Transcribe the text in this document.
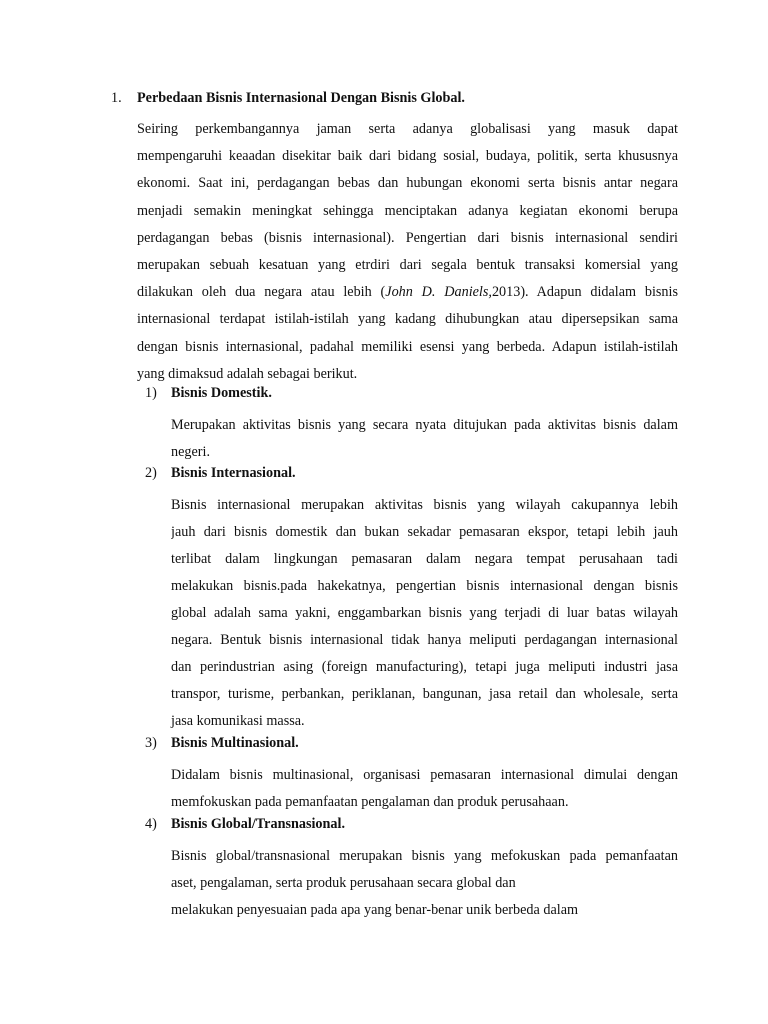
1. Perbedaan Bisnis Internasional Dengan Bisnis Global.
Seiring perkembangannya jaman serta adanya globalisasi yang masuk dapat
mempengaruhi keaadan disekitar baik dari bidang sosial, budaya, politik, serta khususnya
ekonomi. Saat ini, perdagangan bebas dan hubungan ekonomi serta bisnis antar negara
menjadi semakin meningkat sehingga menciptakan adanya kegiatan ekonomi berupa
perdagangan bebas (bisnis internasional). Pengertian dari bisnis internasional sendiri
merupakan sebuah kesatuan yang etrdiri dari segala bentuk transaksi komersial yang
dilakukan oleh dua negara atau lebih (John D. Daniels,2013). Adapun didalam bisnis
internasional terdapat istilah-istilah yang kadang dihubungkan atau dipersepsikan sama
dengan bisnis internasional, padahal memiliki esensi yang berbeda. Adapun istilah-istilah
yang dimaksud adalah sebagai berikut.
1) Bisnis Domestik.
Merupakan aktivitas bisnis yang secara nyata ditujukan pada aktivitas bisnis dalam
negeri.
2) Bisnis Internasional.
Bisnis internasional merupakan aktivitas bisnis yang wilayah cakupannya lebih
jauh dari bisnis domestik dan bukan sekadar pemasaran ekspor, tetapi lebih jauh
terlibat dalam lingkungan pemasaran dalam negara tempat perusahaan tadi
melakukan bisnis.pada hakekatnya, pengertian bisnis internasional dengan bisnis
global adalah sama yakni, enggambarkan bisnis yang terjadi di luar batas wilayah
negara. Bentuk bisnis internasional tidak hanya meliputi perdagangan internasional
dan perindustrian asing (foreign manufacturing), tetapi juga meliputi industri jasa
transpor, turisme, perbankan, periklanan, bangunan, jasa retail dan wholesale, serta
jasa komunikasi massa.
3) Bisnis Multinasional.
Didalam bisnis multinasional, organisasi pemasaran internasional dimulai dengan
memfokuskan pada pemanfaatan pengalaman dan produk perusahaan.
4) Bisnis Global/Transnasional.
Bisnis global/transnasional merupakan bisnis yang mefokuskan pada pemanfaatan
aset, pengalaman, serta produk perusahaan secara global dan
melakukan penyesuaian pada apa yang benar-benar unik berbeda dalam
